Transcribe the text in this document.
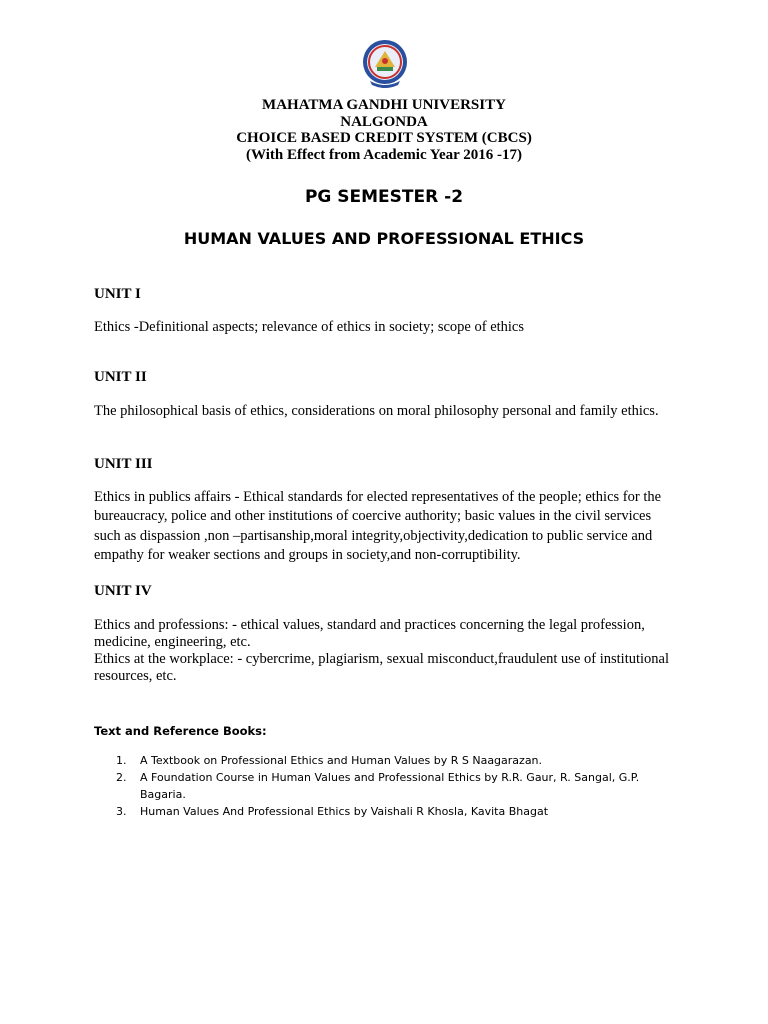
MAHATMA GANDHI UNIVERSITY
NALGONDA
CHOICE BASED CREDIT SYSTEM (CBCS)
(With Effect from Academic Year 2016 -17)
PG SEMESTER -2
HUMAN VALUES AND PROFESSIONAL ETHICS
UNIT I
Ethics -Definitional aspects; relevance of ethics in society; scope of ethics
UNIT II
The philosophical basis of ethics, considerations on moral philosophy personal and family ethics.
UNIT III
Ethics in publics affairs - Ethical standards for elected representatives of the people; ethics for the
bureaucracy, police and other institutions of coercive authority; basic values in the civil services
such as dispassion ,non –partisanship,moral integrity,objectivity,dedication to public service and
empathy for weaker sections and groups in society,and non-corruptibility.
UNIT IV
Ethics and professions: - ethical values, standard and practices concerning the legal profession,
medicine, engineering, etc.
Ethics at the workplace: - cybercrime, plagiarism, sexual misconduct,fraudulent use of institutional
resources, etc.
Text and Reference Books:
1. A Textbook on Professional Ethics and Human Values by R S Naagarazan.
2. A Foundation Course in Human Values and Professional Ethics by R.R. Gaur, R. Sangal, G.P.
Bagaria.
3. Human Values And Professional Ethics by Vaishali R Khosla, Kavita Bhagat
